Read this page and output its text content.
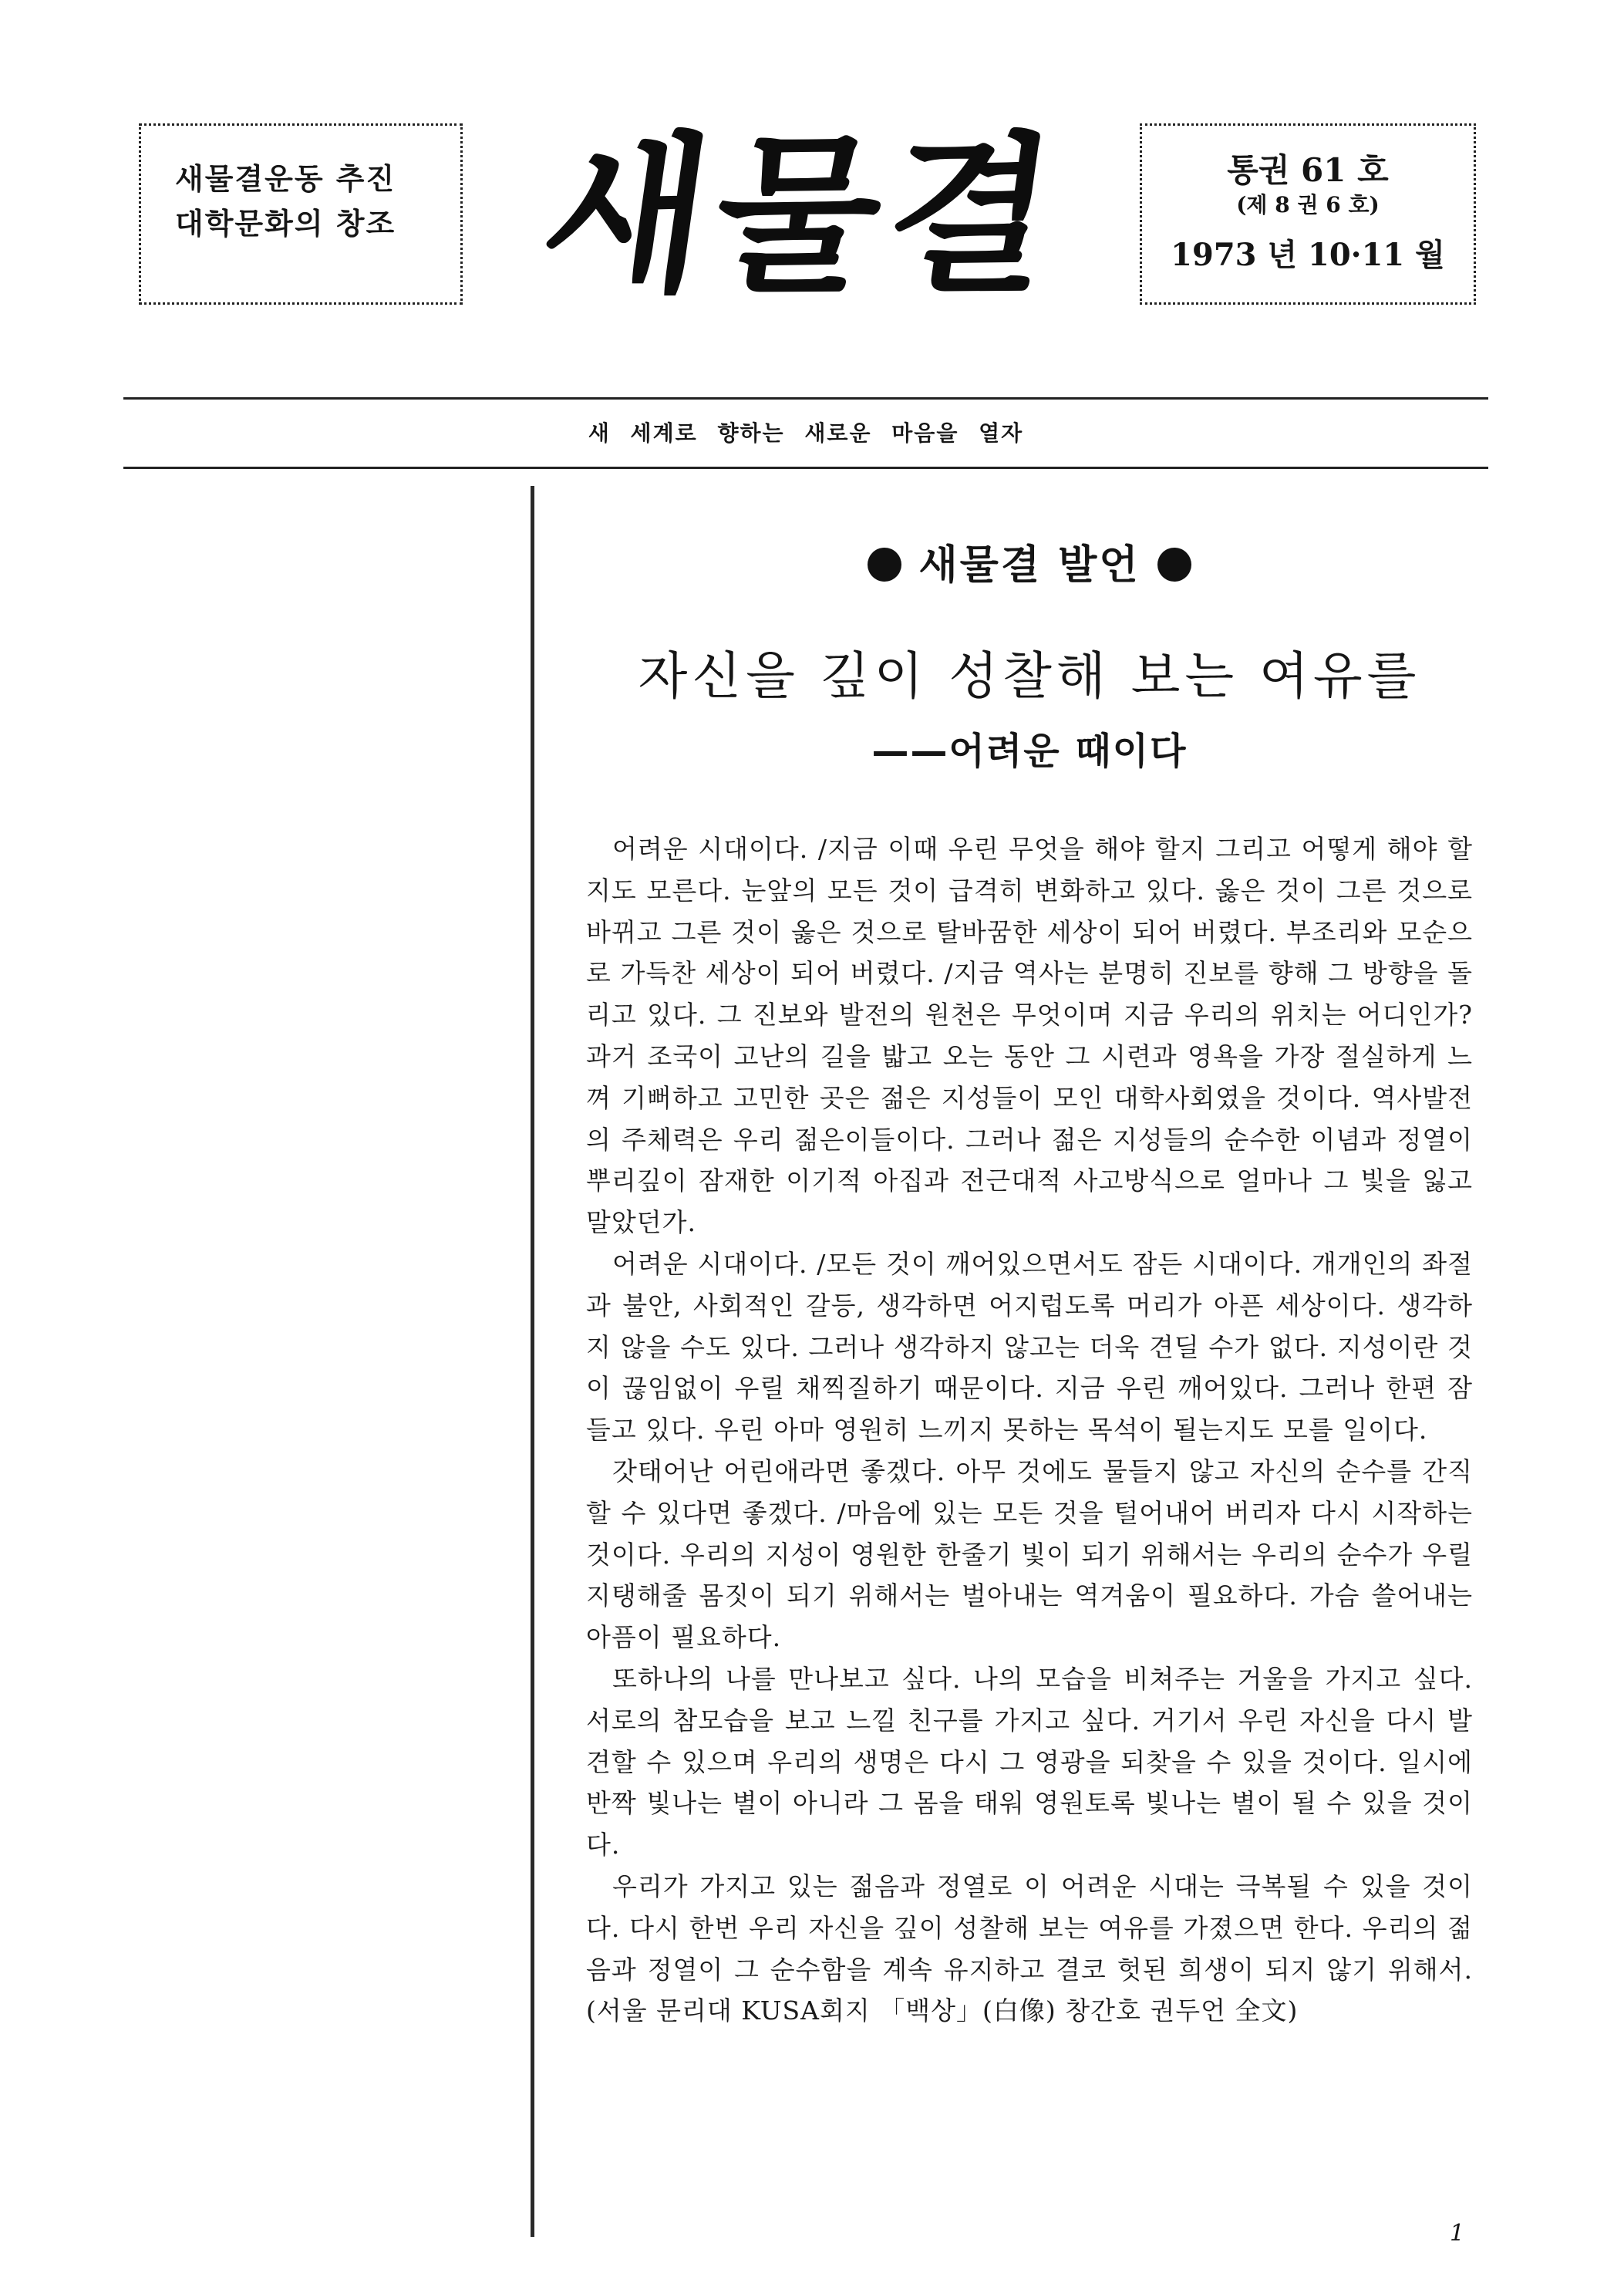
새물결운동 추진
대학문화의 창조 새물결	통권 61 호
(제 8 권 6 호)
1973 년 10·11 월
새 세계로 향하는 새로운 마음을 열자
새물결 발언
자신을 깊이 성찰해 보는 여유를
——어려운 때이다

어려운 시대이다. /지금 이때 우린 무엇을 해야 할지 그리고 어떻게 해야 할지도 모른다. 눈앞의 모든 것이 급격히 변화하고 있다. 옳은 것이 그른 것으로 바뀌고 그른 것이 옳은 것으로 탈바꿈한 세상이 되어 버렸다. 부조리와 모순으로 가득찬 세상이 되어 버렸다. /지금 역사는 분명히 진보를 향해 그 방향을 돌리고 있다. 그 진보와 발전의 원천은 무엇이며 지금 우리의 위치는 어디인가? 과거 조국이 고난의 길을 밟고 오는 동안 그 시련과 영욕을 가장 절실하게 느껴 기뻐하고 고민한 곳은 젊은 지성들이 모인 대학사회였을 것이다. 역사발전의 주체력은 우리 젊은이들이다. 그러나 젊은 지성들의 순수한 이념과 정열이 뿌리깊이 잠재한 이기적 아집과 전근대적 사고방식으로 얼마나 그 빛을 잃고 말았던가.

어려운 시대이다. /모든 것이 깨어있으면서도 잠든 시대이다. 개개인의 좌절과 불안, 사회적인 갈등, 생각하면 어지럽도록 머리가 아픈 세상이다. 생각하지 않을 수도 있다. 그러나 생각하지 않고는 더욱 견딜 수가 없다. 지성이란 것이 끊임없이 우릴 채찍질하기 때문이다. 지금 우린 깨어있다. 그러나 한편 잠들고 있다. 우린 아마 영원히 느끼지 못하는 목석이 될는지도 모를 일이다.

갓태어난 어린애라면 좋겠다. 아무 것에도 물들지 않고 자신의 순수를 간직할 수 있다면 좋겠다. /마음에 있는 모든 것을 털어내어 버리자 다시 시작하는 것이다. 우리의 지성이 영원한 한줄기 빛이 되기 위해서는 우리의 순수가 우릴 지탱해줄 몸짓이 되기 위해서는 벌아내는 역겨움이 필요하다. 가슴 쓸어내는 아픔이 필요하다.

또하나의 나를 만나보고 싶다. 나의 모습을 비쳐주는 거울을 가지고 싶다. 서로의 참모습을 보고 느낄 친구를 가지고 싶다. 거기서 우린 자신을 다시 발견할 수 있으며 우리의 생명은 다시 그 영광을 되찾을 수 있을 것이다. 일시에 반짝 빛나는 별이 아니라 그 몸을 태워 영원토록 빛나는 별이 될 수 있을 것이다.

우리가 가지고 있는 젊음과 정열로 이 어려운 시대는 극복될 수 있을 것이다. 다시 한번 우리 자신을 깊이 성찰해 보는 여유를 가졌으면 한다. 우리의 젊음과 정열이 그 순수함을 계속 유지하고 결코 헛된 희생이 되지 않기 위해서. (서울 문리대 KUSA회지 「백상」(白像) 창간호 권두언 全文)

1
